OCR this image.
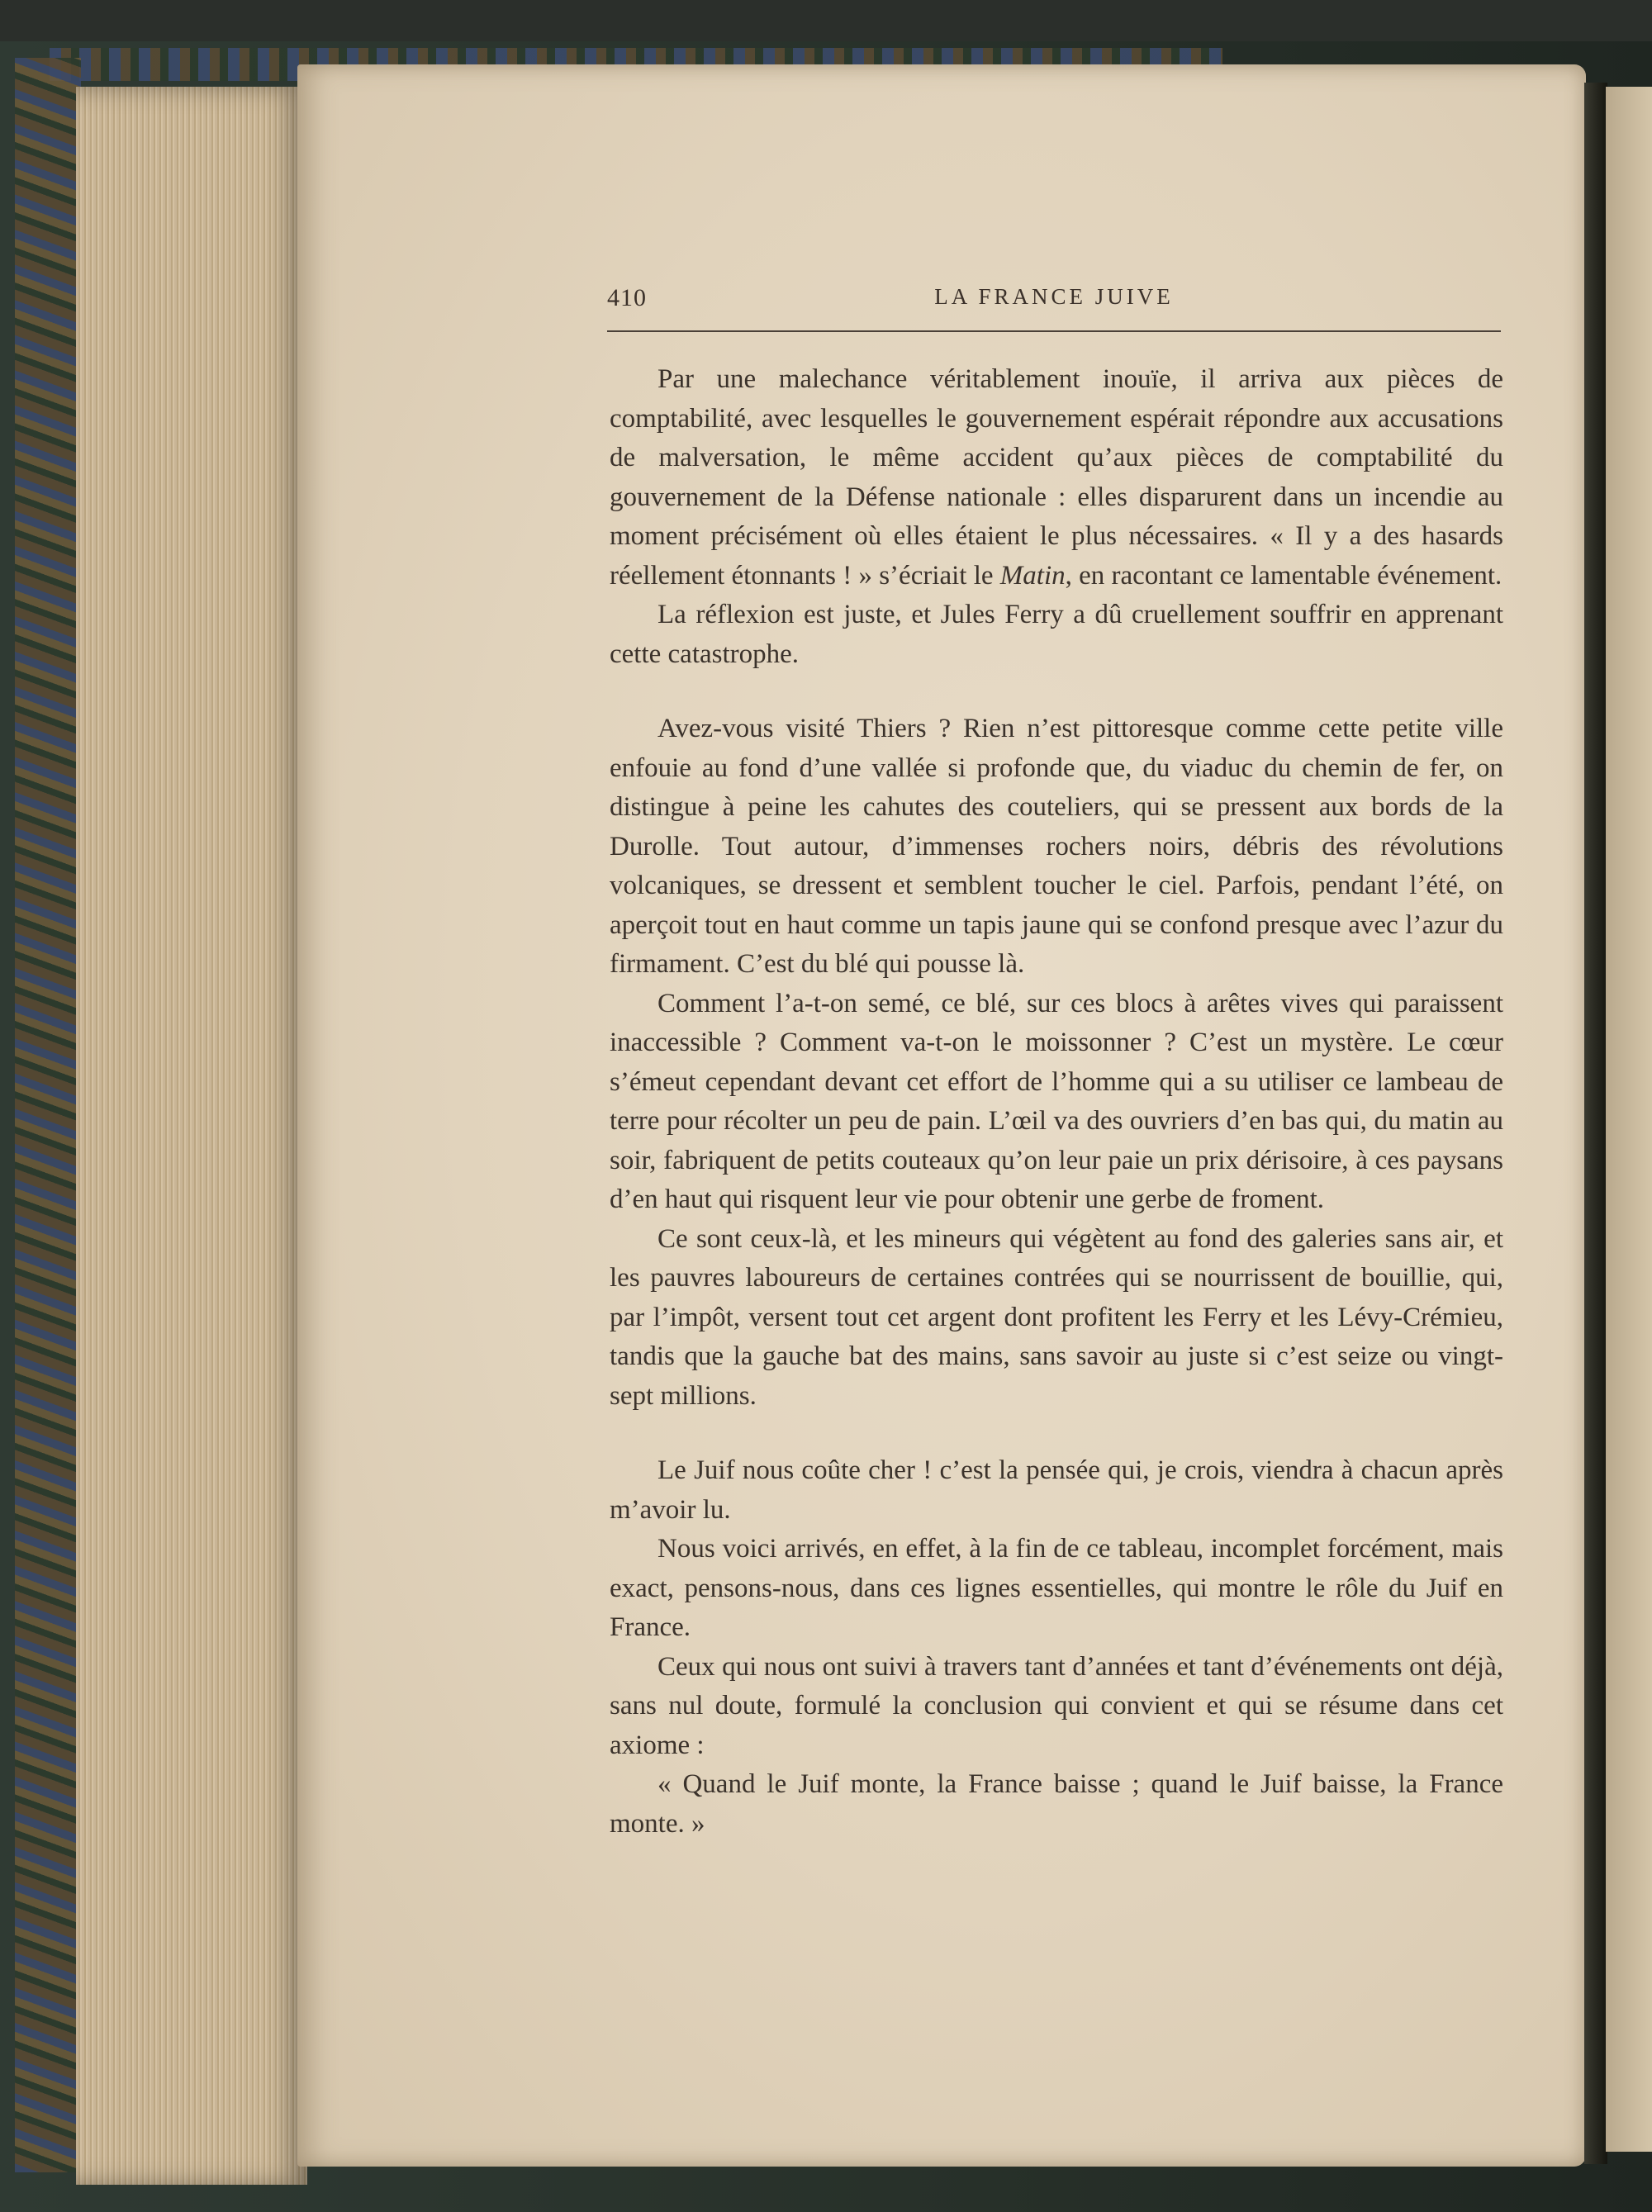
410	LA FRANCE JUIVE

Par une malechance véritablement inouïe, il arriva aux pièces de comptabilité, avec lesquelles le gouvernement espérait répondre aux accusations de malversation, le même accident qu’aux pièces de comptabilité du gouvernement de la Défense nationale : elles disparurent dans un incendie au moment précisément où elles étaient le plus nécessaires. « Il y a des hasards réellement étonnants ! » s’écriait le Matin, en racontant ce lamentable événement.

La réflexion est juste, et Jules Ferry a dû cruellement souffrir en apprenant cette catastrophe.

Avez-vous visité Thiers ? Rien n’est pittoresque comme cette petite ville enfouie au fond d’une vallée si profonde que, du viaduc du chemin de fer, on distingue à peine les cahutes des couteliers, qui se pressent aux bords de la Durolle. Tout autour, d’immenses rochers noirs, débris des révolutions volcaniques, se dressent et semblent toucher le ciel. Parfois, pendant l’été, on aperçoit tout en haut comme un tapis jaune qui se confond presque avec l’azur du firmament. C’est du blé qui pousse là.

Comment l’a-t-on semé, ce blé, sur ces blocs à arêtes vives qui paraissent inaccessible ? Comment va-t-on le moissonner ? C’est un mystère. Le cœur s’émeut cependant devant cet effort de l’homme qui a su utiliser ce lambeau de terre pour récolter un peu de pain. L’œil va des ouvriers d’en bas qui, du matin au soir, fabriquent de petits couteaux qu’on leur paie un prix dérisoire, à ces paysans d’en haut qui risquent leur vie pour obtenir une gerbe de froment.

Ce sont ceux-là, et les mineurs qui végètent au fond des galeries sans air, et les pauvres laboureurs de certaines contrées qui se nourrissent de bouillie, qui, par l’impôt, versent tout cet argent dont profitent les Ferry et les Lévy-Crémieu, tandis que la gauche bat des mains, sans savoir au juste si c’est seize ou vingt-sept millions.

Le Juif nous coûte cher ! c’est la pensée qui, je crois, viendra à chacun après m’avoir lu.

Nous voici arrivés, en effet, à la fin de ce tableau, incomplet forcément, mais exact, pensons-nous, dans ces lignes essentielles, qui montre le rôle du Juif en France.

Ceux qui nous ont suivi à travers tant d’années et tant d’événements ont déjà, sans nul doute, formulé la conclusion qui convient et qui se résume dans cet axiome :

« Quand le Juif monte, la France baisse ; quand le Juif baisse, la France monte. »
